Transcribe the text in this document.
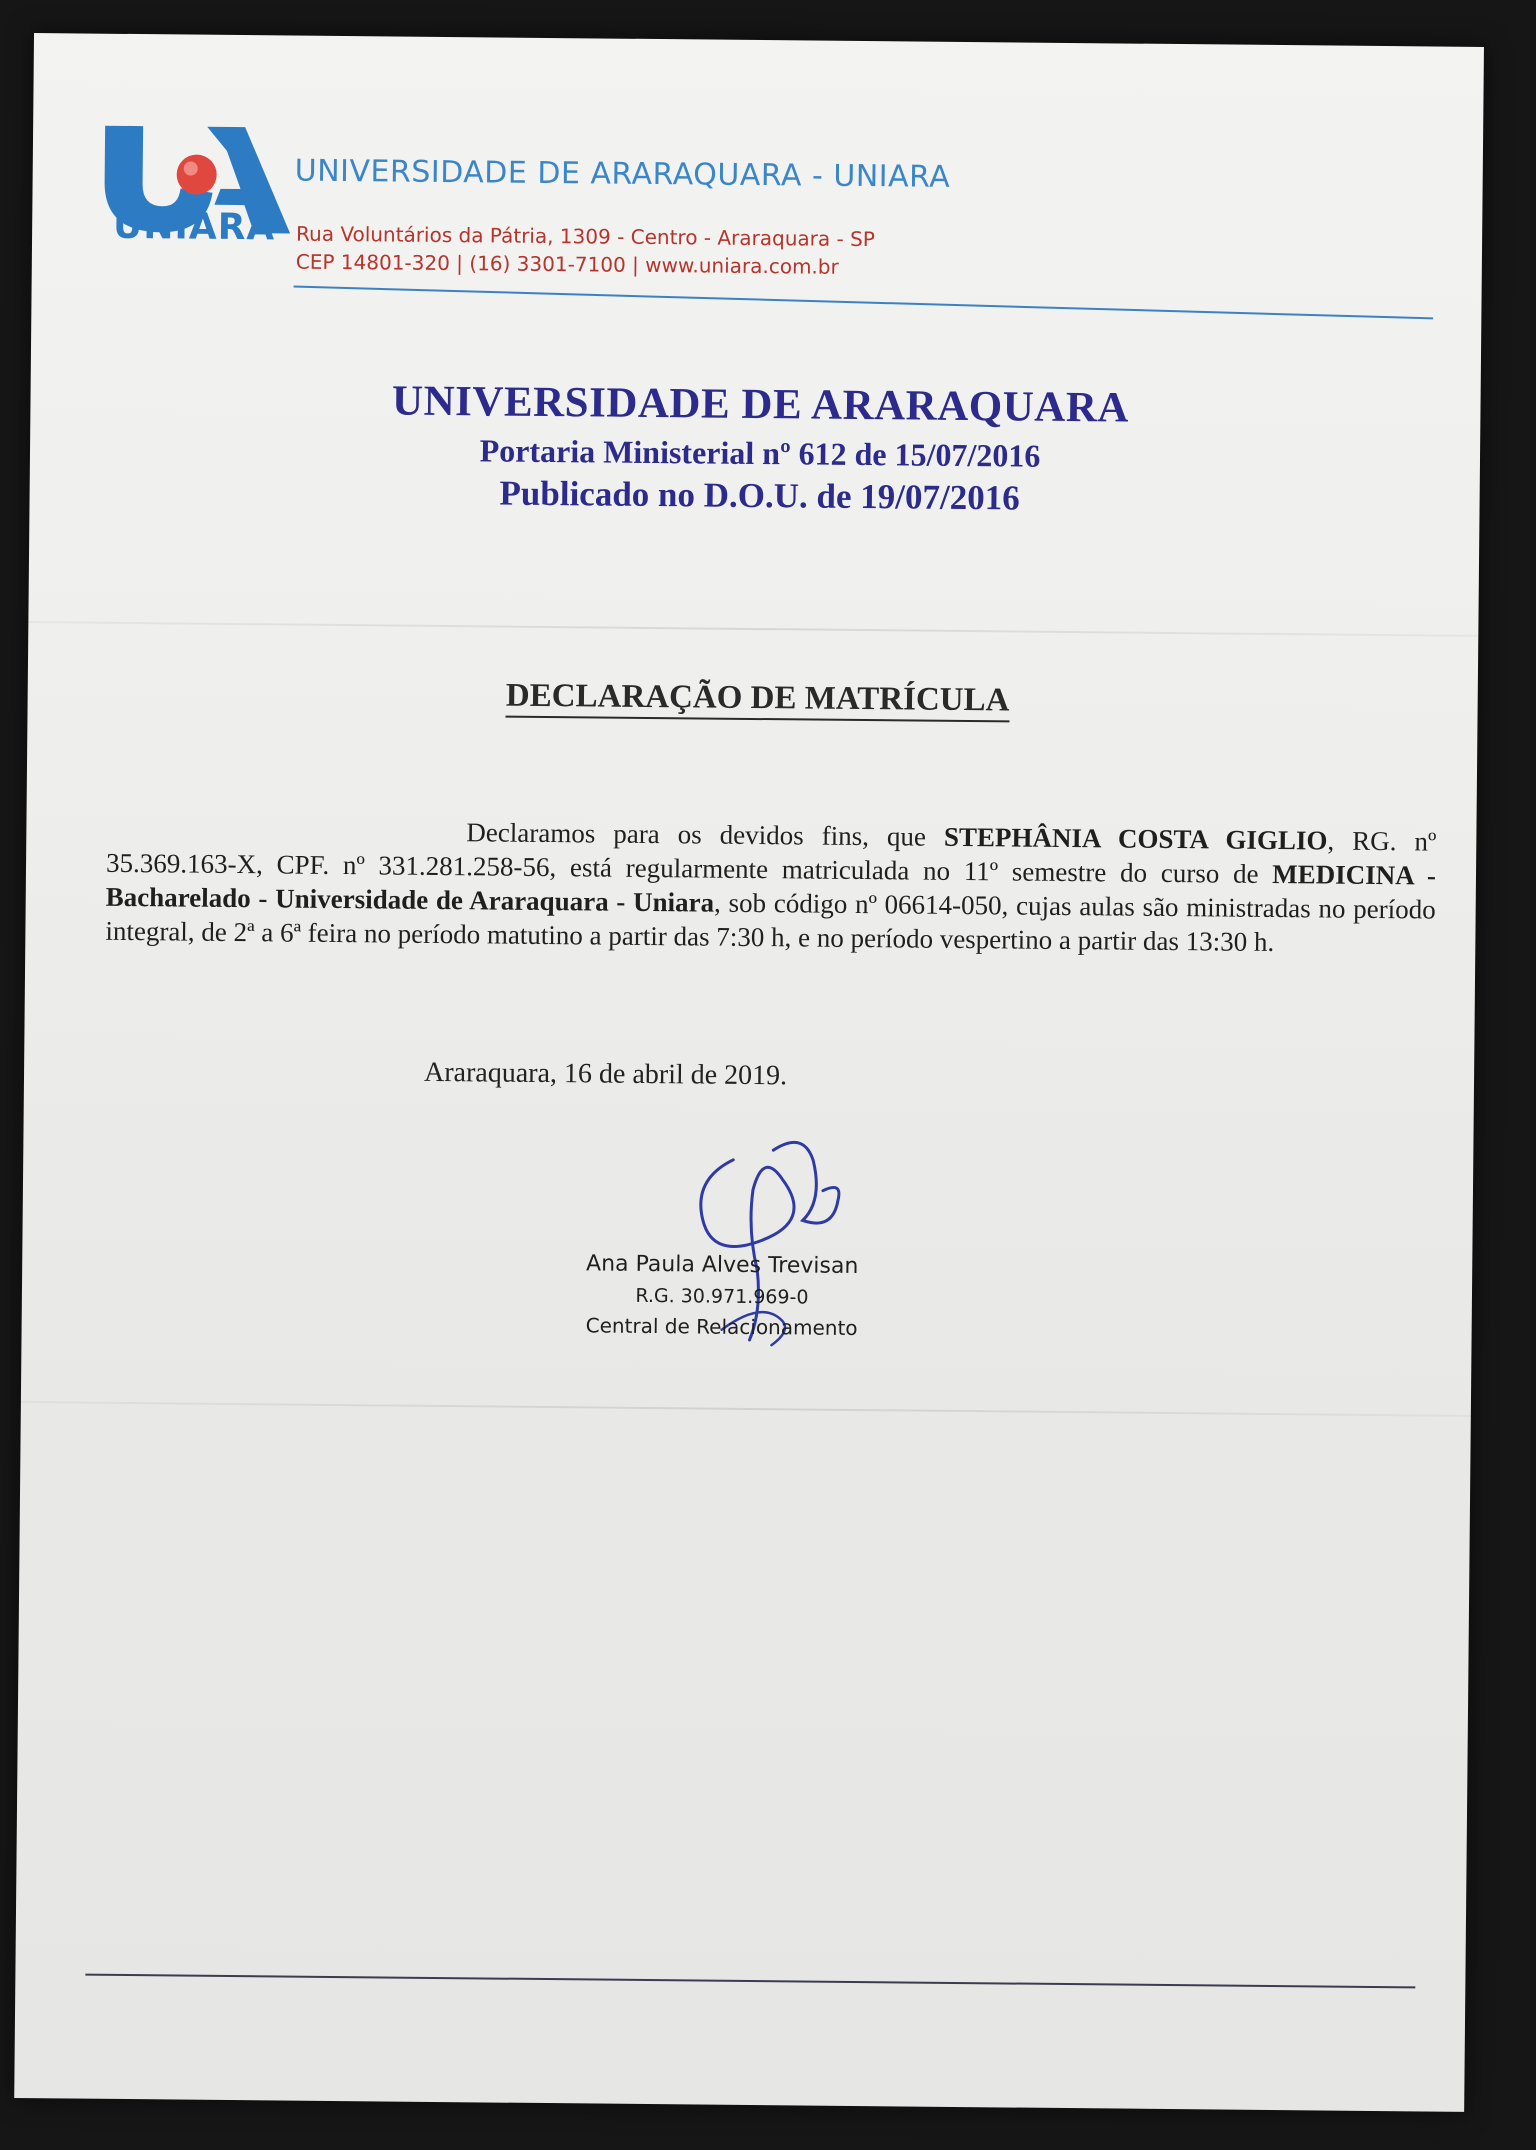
UNIARA
UNIVERSIDADE DE ARARAQUARA - UNIARA
Rua Voluntários da Pátria, 1309 - Centro - Araraquara - SP
CEP 14801-320 | (16) 3301-7100 | www.uniara.com.br
UNIVERSIDADE DE ARARAQUARA
Portaria Ministerial nº 612 de 15/07/2016
Publicado no D.O.U. de 19/07/2016
DECLARAÇÃO DE MATRÍCULA
Declaramos para os devidos fins, que STEPHÂNIA COSTA GIGLIO, RG. nº 35.369.163-X, CPF. nº 331.281.258-56, está regularmente matriculada no 11º semestre do curso de MEDICINA - Bacharelado - Universidade de Araraquara - Uniara, sob código nº 06614-050, cujas aulas são ministradas no período integral, de 2ª a 6ª feira no período matutino a partir das 7:30 h, e no período vespertino a partir das 13:30 h.
Araraquara, 16 de abril de 2019.
Ana Paula Alves Trevisan
R.G. 30.971.969-0
Central de Relacionamento
